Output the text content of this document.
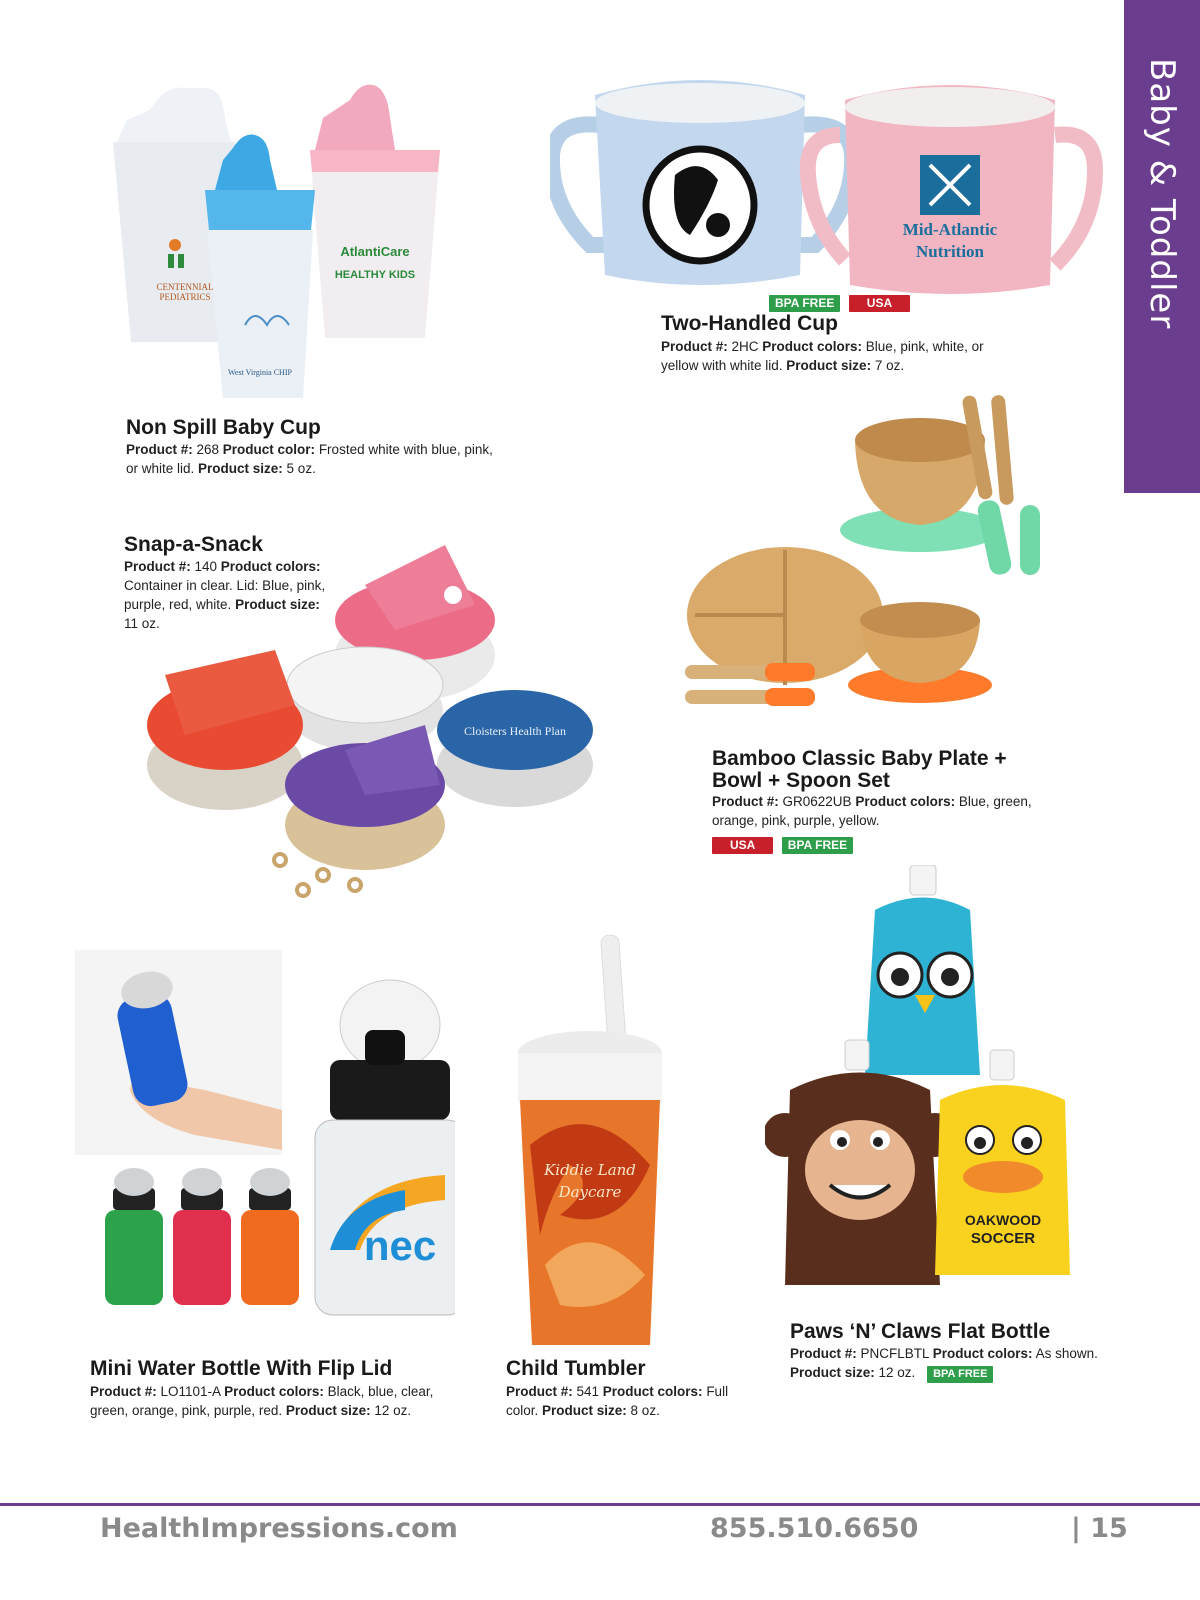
Baby & Toddler
CENTENNIAL
PEDIATRICS
AtlantiCare
HEALTHY KIDS
West Virginia CHIP
Non Spill Baby Cup
Product #: 268 Product color: Frosted white with blue, pink,
or white lid. Product size: 5 oz.
Mid-Atlantic
Nutrition
BPA FREE	USA
Two-Handled Cup
Product #: 2HC Product colors: Blue, pink, white, or
yellow with white lid. Product size: 7 oz.
Snap-a-Snack
Product #: 140 Product colors:
Container in clear. Lid: Blue, pink,
purple, red, white. Product size:
11 oz.
Cloisters Health Plan
Bamboo Classic Baby Plate +
Bowl + Spoon Set
Product #: GR0622UB Product colors: Blue, green,
orange, pink, purple, yellow.
USA	BPA FREE
nec
Mini Water Bottle With Flip Lid
Product #: LO1101-A Product colors: Black, blue, clear,
green, orange, pink, purple, red. Product size: 12 oz.
Kiddie Land
Daycare
Child Tumbler
Product #: 541 Product colors: Full
color. Product size: 8 oz.
OAKWOOD
SOCCER
Paws ‘N’ Claws Flat Bottle
Product #: PNCFLBTL Product colors: As shown.
Product size: 12 oz. BPA FREE
HealthImpressions.com	855.510.6650	| 15
